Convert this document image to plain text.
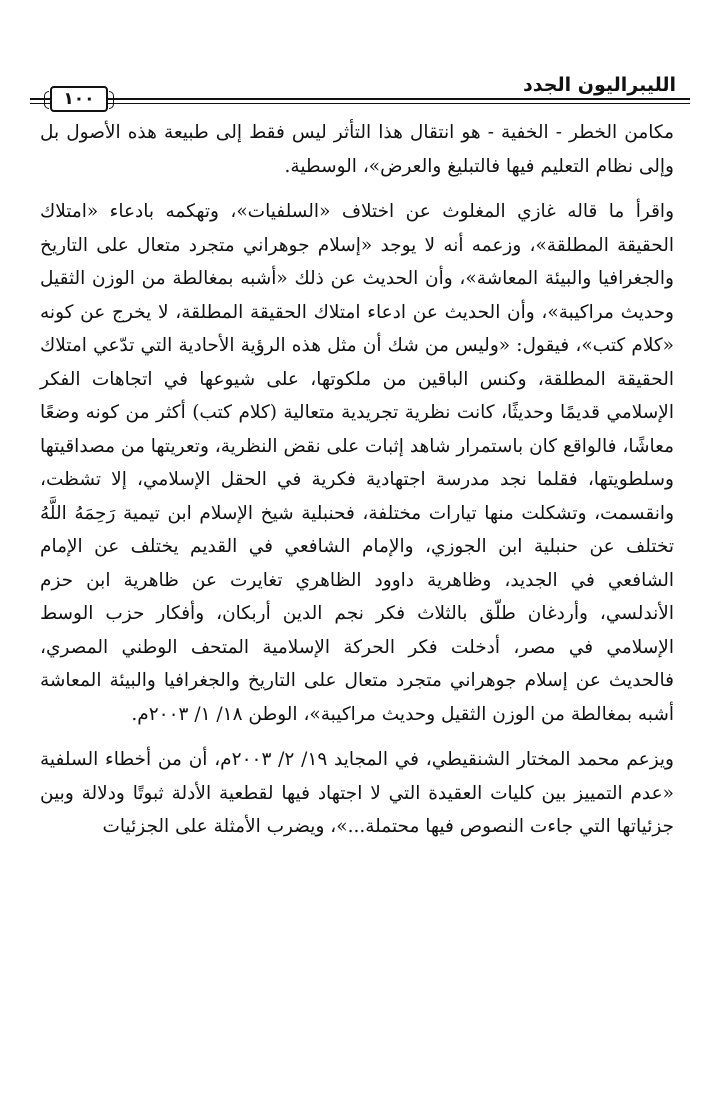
الليبراليون الجدد
١٠٠

مكامن الخطر - الخفية - هو انتقال هذا التأثر ليس فقط إلى طبيعة هذه الأصول بل وإلى نظام التعليم فيها فالتبليغ والعرض»، الوسطية.

واقرأ ما قاله غازي المغلوث عن اختلاف «السلفيات»، وتهكمه بادعاء «امتلاك الحقيقة المطلقة»، وزعمه أنه لا يوجد «إسلام جوهراني متجرد متعال على التاريخ والجغرافيا والبيئة المعاشة»، وأن الحديث عن ذلك «أشبه بمغالطة من الوزن الثقيل وحديث مراكيبة»، وأن الحديث عن ادعاء امتلاك الحقيقة المطلقة، لا يخرج عن كونه «كلام كتب»، فيقول: «وليس من شك أن مثل هذه الرؤية الأحادية التي تدّعي امتلاك الحقيقة المطلقة، وكنس الباقين من ملكوتها، على شيوعها في اتجاهات الفكر الإسلامي قديمًا وحديثًا، كانت نظرية تجريدية متعالية (كلام كتب) أكثر من كونه وضعًا معاشًا، فالواقع كان باستمرار شاهد إثبات على نقض النظرية، وتعريتها من مصداقيتها وسلطويتها، فقلما نجد مدرسة اجتهادية فكرية في الحقل الإسلامي، إلا تشظت، وانقسمت، وتشكلت منها تيارات مختلفة، فحنبلية شيخ الإسلام ابن تيمية رَحِمَهُ اللَّهُ تختلف عن حنبلية ابن الجوزي، والإمام الشافعي في القديم يختلف عن الإمام الشافعي في الجديد، وظاهرية داوود الظاهري تغايرت عن ظاهرية ابن حزم الأندلسي، وأردغان طلّق بالثلاث فكر نجم الدين أربكان، وأفكار حزب الوسط الإسلامي في مصر، أدخلت فكر الحركة الإسلامية المتحف الوطني المصري، فالحديث عن إسلام جوهراني متجرد متعال على التاريخ والجغرافيا والبيئة المعاشة أشبه بمغالطة من الوزن الثقيل وحديث مراكيبة»، الوطن ١٨/ ١/ ٢٠٠٣م.

ويزعم محمد المختار الشنقيطي، في المجايد ١٩/ ٢/ ٢٠٠٣م، أن من أخطاء السلفية «عدم التمييز بين كليات العقيدة التي لا اجتهاد فيها لقطعية الأدلة ثبوتًا ودلالة وبين جزئياتها التي جاءت النصوص فيها محتملة...»، ويضرب الأمثلة على الجزئيات
